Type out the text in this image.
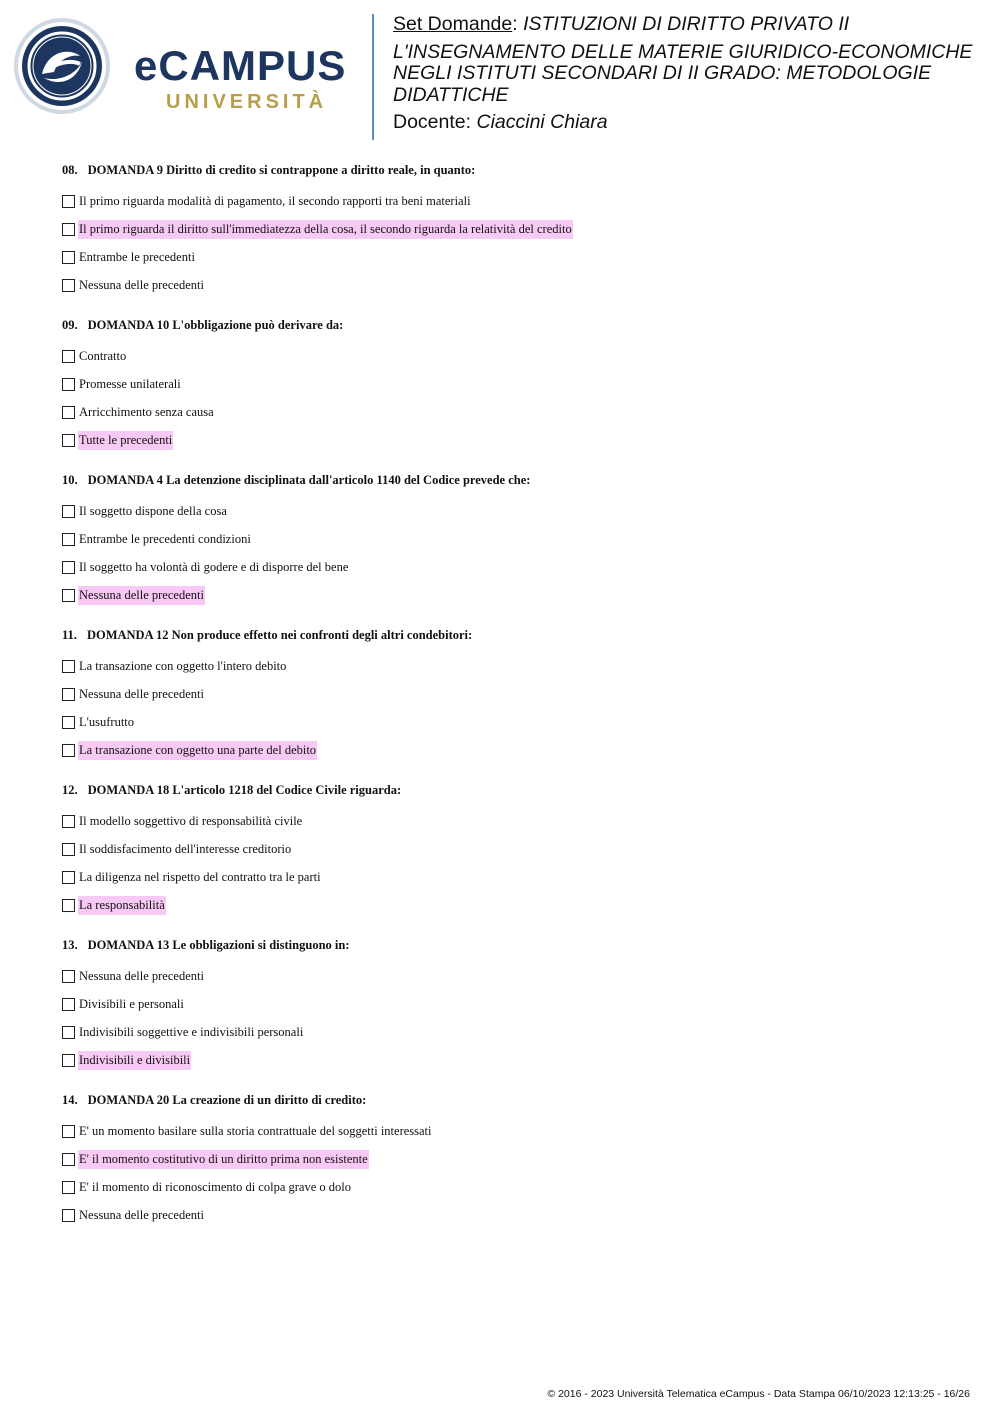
eCAMPUS
UNIVERSITÀ
Set Domande: ISTITUZIONI DI DIRITTO PRIVATO II
L'INSEGNAMENTO DELLE MATERIE GIURIDICO-ECONOMICHE NEGLI ISTITUTI SECONDARI DI II GRADO: METODOLOGIE DIDATTICHE
Docente: Ciaccini Chiara
08. DOMANDA 9 Diritto di credito si contrappone a diritto reale, in quanto:
Il primo riguarda modalità di pagamento, il secondo rapporti tra beni materiali
Il primo riguarda il diritto sull'immediatezza della cosa, il secondo riguarda la relatività del credito
Entrambe le precedenti
Nessuna delle precedenti
09. DOMANDA 10 L'obbligazione può derivare da:
Contratto
Promesse unilaterali
Arricchimento senza causa
Tutte le precedenti
10. DOMANDA 4 La detenzione disciplinata dall'articolo 1140 del Codice prevede che:
Il soggetto dispone della cosa
Entrambe le precedenti condizioni
Il soggetto ha volontà di godere e di disporre del bene
Nessuna delle precedenti
11. DOMANDA 12 Non produce effetto nei confronti degli altri condebitori:
La transazione con oggetto l'intero debito
Nessuna delle precedenti
L'usufrutto
La transazione con oggetto una parte del debito
12. DOMANDA 18 L'articolo 1218 del Codice Civile riguarda:
Il modello soggettivo di responsabilità civile
Il soddisfacimento dell'interesse creditorio
La diligenza nel rispetto del contratto tra le parti
La responsabilità
13. DOMANDA 13 Le obbligazioni si distinguono in:
Nessuna delle precedenti
Divisibili e personali
Indivisibili soggettive e indivisibili personali
Indivisibili e divisibili
14. DOMANDA 20 La creazione di un diritto di credito:
E' un momento basilare sulla storia contrattuale del soggetti interessati
E' il momento costitutivo di un diritto prima non esistente
E' il momento di riconoscimento di colpa grave o dolo
Nessuna delle precedenti
© 2016 - 2023 Università Telematica eCampus - Data Stampa 06/10/2023 12:13:25 - 16/26
